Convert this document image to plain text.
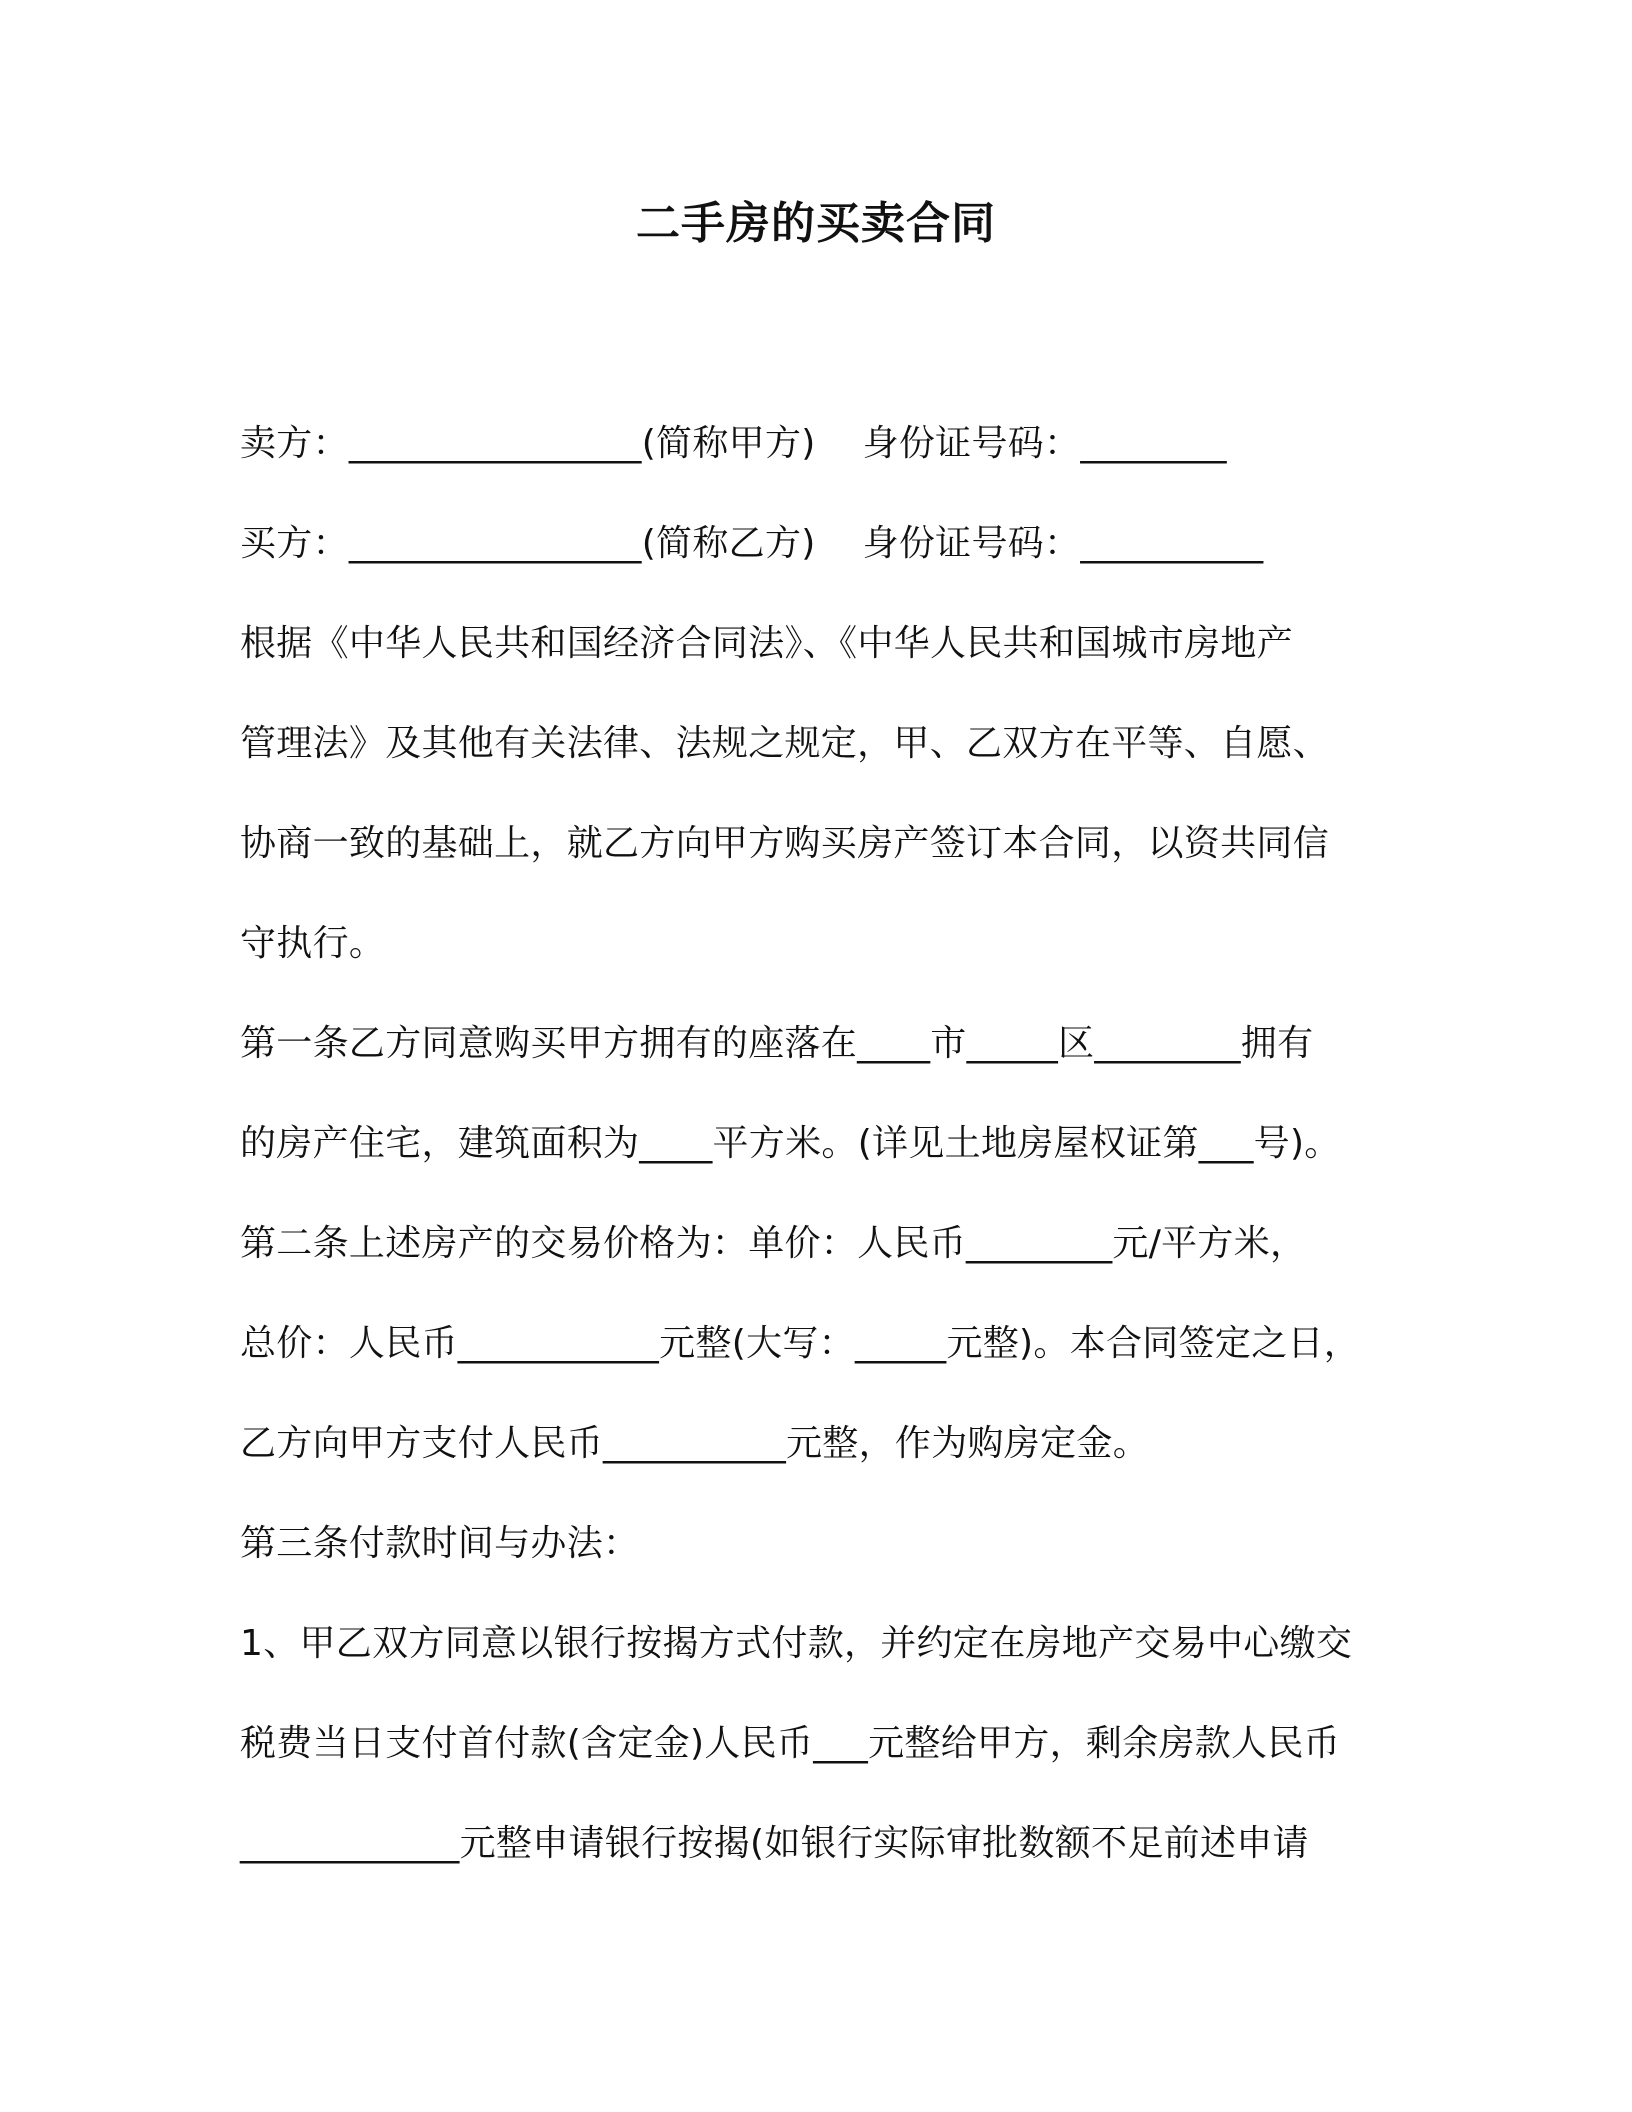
二手房的买卖合同
卖方：________________(简称甲方)    身份证号码：________
买方：________________(简称乙方)    身份证号码：__________
根据《中华人民共和国经济合同法》、《中华人民共和国城市房地产
管理法》及其他有关法律、法规之规定，甲、乙双方在平等、自愿、
协商一致的基础上，就乙方向甲方购买房产签订本合同，以资共同信
守执行。
第一条乙方同意购买甲方拥有的座落在____市_____区________拥有
的房产住宅，建筑面积为____平方米。(详见土地房屋权证第___号)。
第二条上述房产的交易价格为：单价：人民币________元/平方米，
总价：人民币___________元整(大写：_____元整)。本合同签定之日，
乙方向甲方支付人民币__________元整，作为购房定金。
第三条付款时间与办法：
1、甲乙双方同意以银行按揭方式付款，并约定在房地产交易中心缴交
税费当日支付首付款(含定金)人民币___元整给甲方，剩余房款人民币
____________元整申请银行按揭(如银行实际审批数额不足前述申请
